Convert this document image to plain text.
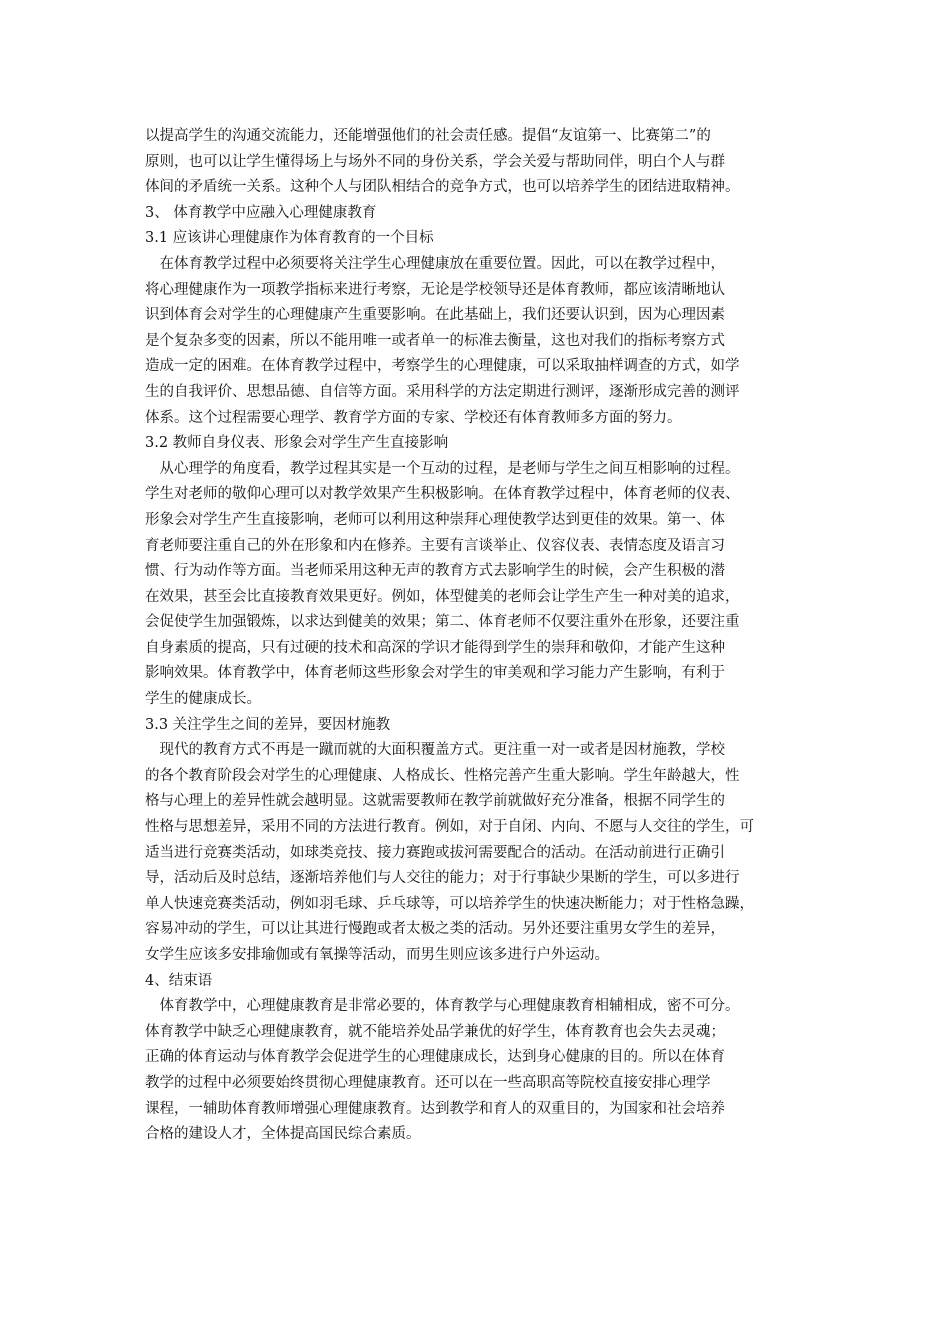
以提高学生的沟通交流能力，还能增强他们的社会责任感。提倡“友谊第一、比赛第二”的
原则，也可以让学生懂得场上与场外不同的身份关系，学会关爱与帮助同伴，明白个人与群
体间的矛盾统一关系。这种个人与团队相结合的竞争方式，也可以培养学生的团结进取精神。
3、 体育教学中应融入心理健康教育
3.1 应该讲心理健康作为体育教育的一个目标
在体育教学过程中必须要将关注学生心理健康放在重要位置。因此，可以在教学过程中，
将心理健康作为一项教学指标来进行考察，无论是学校领导还是体育教师，都应该清晰地认
识到体育会对学生的心理健康产生重要影响。在此基础上，我们还要认识到，因为心理因素
是个复杂多变的因素，所以不能用唯一或者单一的标准去衡量，这也对我们的指标考察方式
造成一定的困难。在体育教学过程中，考察学生的心理健康，可以采取抽样调查的方式，如学
生的自我评价、思想品德、自信等方面。采用科学的方法定期进行测评，逐渐形成完善的测评
体系。这个过程需要心理学、教育学方面的专家、学校还有体育教师多方面的努力。
3.2 教师自身仪表、形象会对学生产生直接影响
从心理学的角度看，教学过程其实是一个互动的过程，是老师与学生之间互相影响的过程。
学生对老师的敬仰心理可以对教学效果产生积极影响。在体育教学过程中，体育老师的仪表、
形象会对学生产生直接影响，老师可以利用这种崇拜心理使教学达到更佳的效果。第一、体
育老师要注重自己的外在形象和内在修养。主要有言谈举止、仪容仪表、表情态度及语言习
惯、行为动作等方面。当老师采用这种无声的教育方式去影响学生的时候，会产生积极的潜
在效果，甚至会比直接教育效果更好。例如，体型健美的老师会让学生产生一种对美的追求，
会促使学生加强锻炼，以求达到健美的效果；第二、体育老师不仅要注重外在形象，还要注重
自身素质的提高，只有过硬的技术和高深的学识才能得到学生的崇拜和敬仰，才能产生这种
影响效果。体育教学中，体育老师这些形象会对学生的审美观和学习能力产生影响，有利于
学生的健康成长。
3.3 关注学生之间的差异，要因材施教
现代的教育方式不再是一蹴而就的大面积覆盖方式。更注重一对一或者是因材施教，学校
的各个教育阶段会对学生的心理健康、人格成长、性格完善产生重大影响。学生年龄越大，性
格与心理上的差异性就会越明显。这就需要教师在教学前就做好充分准备，根据不同学生的
性格与思想差异，采用不同的方法进行教育。例如，对于自闭、内向、不愿与人交往的学生，可
适当进行竞赛类活动，如球类竞技、接力赛跑或拔河需要配合的活动。在活动前进行正确引
导，活动后及时总结，逐渐培养他们与人交往的能力；对于行事缺少果断的学生，可以多进行
单人快速竞赛类活动，例如羽毛球、乒乓球等，可以培养学生的快速决断能力；对于性格急躁，
容易冲动的学生，可以让其进行慢跑或者太极之类的活动。另外还要注重男女学生的差异，
女学生应该多安排瑜伽或有氧操等活动，而男生则应该多进行户外运动。
4、结束语
体育教学中，心理健康教育是非常必要的，体育教学与心理健康教育相辅相成，密不可分。
体育教学中缺乏心理健康教育，就不能培养处品学兼优的好学生，体育教育也会失去灵魂；
正确的体育运动与体育教学会促进学生的心理健康成长，达到身心健康的目的。所以在体育
教学的过程中必须要始终贯彻心理健康教育。还可以在一些高职高等院校直接安排心理学
课程，一辅助体育教师增强心理健康教育。达到教学和育人的双重目的，为国家和社会培养
合格的建设人才，全体提高国民综合素质。
